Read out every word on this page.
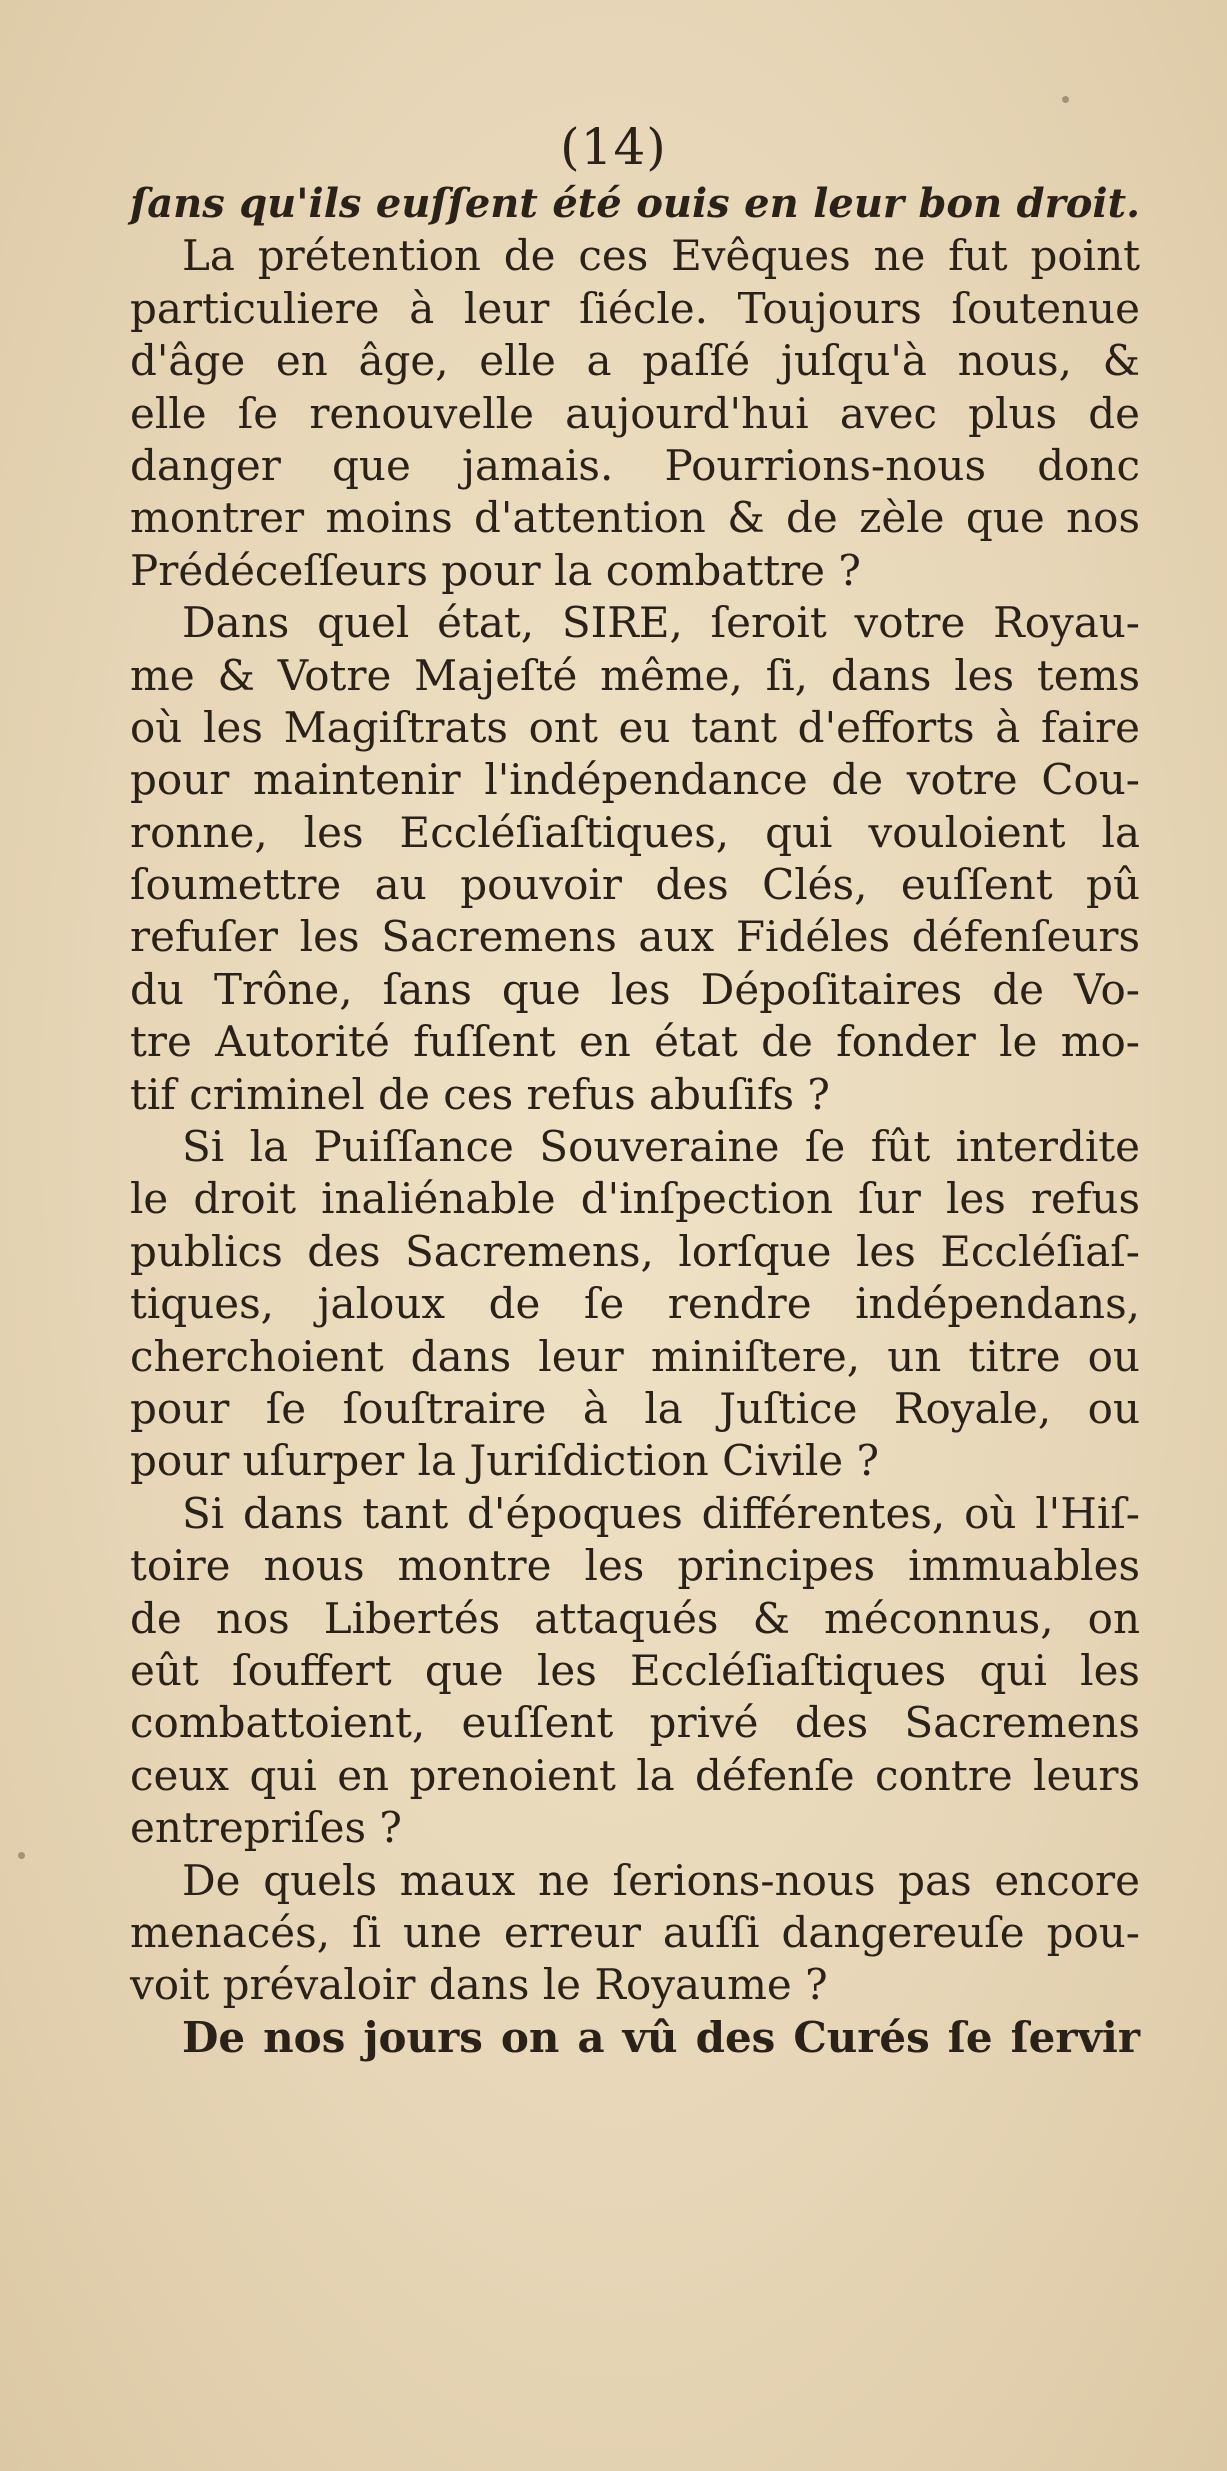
(14)
ſans qu'ils euſſent été ouis en leur bon droit.
La prétention de ces Evêques ne fut point
particuliere à leur ſiécle. Toujours ſoutenue
d'âge en âge, elle a paſſé juſqu'à nous, &
elle ſe renouvelle aujourd'hui avec plus de
danger que jamais. Pourrions-nous donc
montrer moins d'attention & de zèle que nos
Prédéceſſeurs pour la combattre ?
Dans quel état, SIRE, ſeroit votre Royau-
me & Votre Majeſté même, ſi, dans les tems
où les Magiſtrats ont eu tant d'efforts à faire
pour maintenir l'indépendance de votre Cou-
ronne, les Eccléſiaſtiques, qui vouloient la
ſoumettre au pouvoir des Clés, euſſent pû
refuſer les Sacremens aux Fidéles défenſeurs
du Trône, ſans que les Dépoſitaires de Vo-
tre Autorité fuſſent en état de fonder le mo-
tif criminel de ces refus abuſifs ?
Si la Puiſſance Souveraine ſe fût interdite
le droit inaliénable d'inſpection ſur les refus
publics des Sacremens, lorſque les Eccléſiaſ-
tiques, jaloux de ſe rendre indépendans,
cherchoient dans leur miniſtere, un titre ou
pour ſe ſouſtraire à la Juſtice Royale, ou
pour uſurper la Juriſdiction Civile ?
Si dans tant d'époques différentes, où l'Hiſ-
toire nous montre les principes immuables
de nos Libertés attaqués & méconnus, on
eût ſouffert que les Eccléſiaſtiques qui les
combattoient, euſſent privé des Sacremens
ceux qui en prenoient la défenſe contre leurs
entrepriſes ?
De quels maux ne ſerions-nous pas encore
menacés, ſi une erreur auſſi dangereuſe pou-
voit prévaloir dans le Royaume ?
De nos jours on a vû des Curés ſe ſervir
